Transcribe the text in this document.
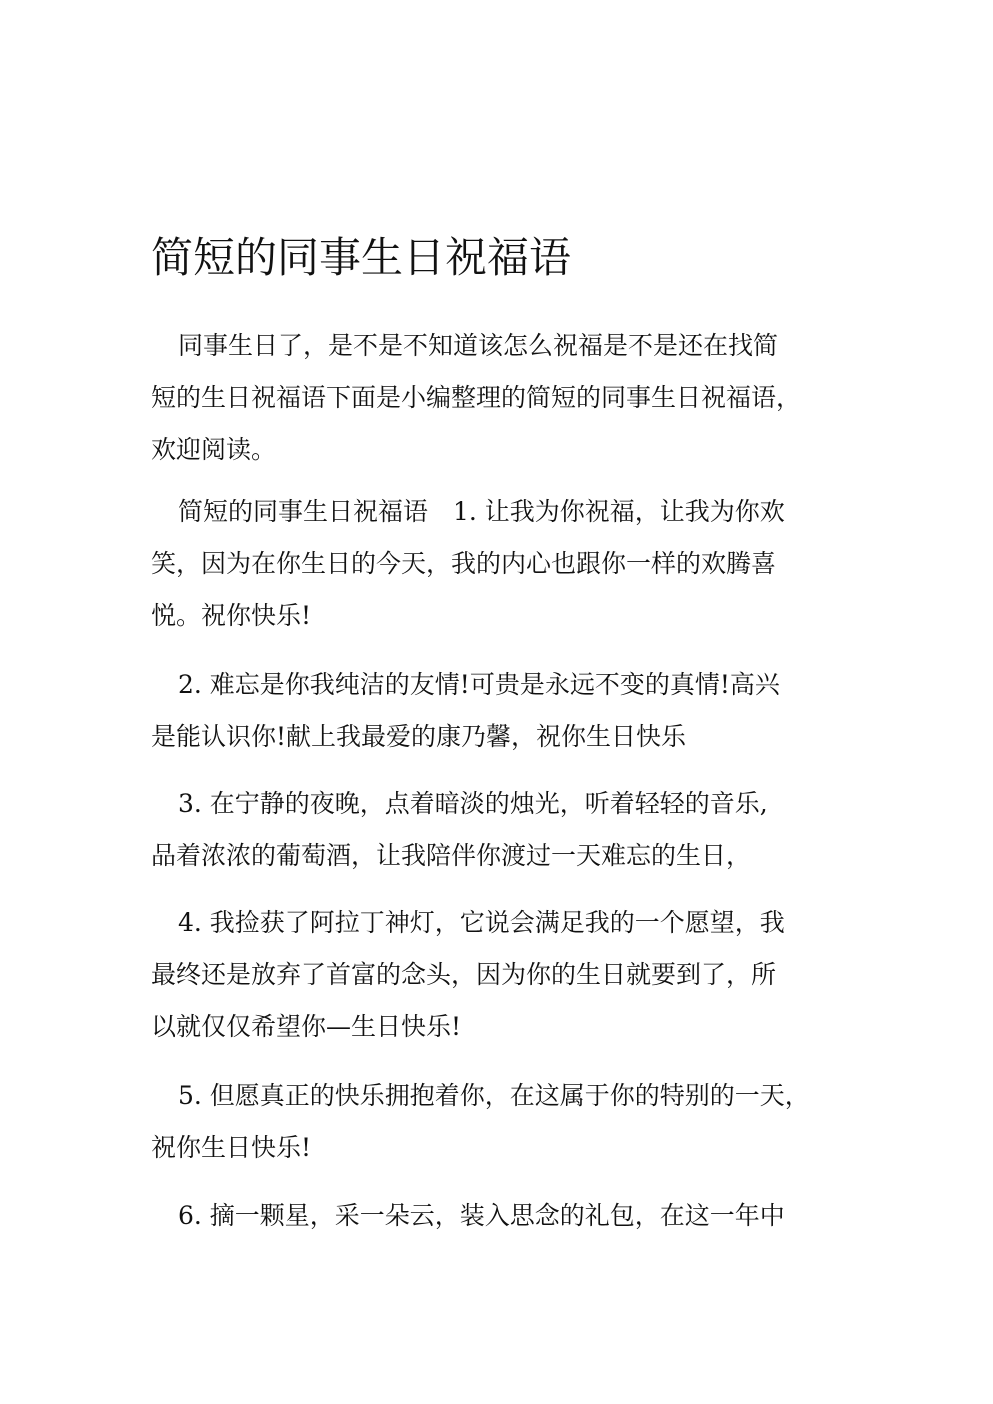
简短的同事生日祝福语

同事生日了，是不是不知道该怎么祝福是不是还在找简
短的生日祝福语下面是小编整理的简短的同事生日祝福语，
欢迎阅读。

简短的同事生日祝福语　1. 让我为你祝福，让我为你欢
笑，因为在你生日的今天，我的内心也跟你一样的欢腾喜
悦。祝你快乐!

2. 难忘是你我纯洁的友情!可贵是永远不变的真情!高兴
是能认识你!献上我最爱的康乃馨，祝你生日快乐

3. 在宁静的夜晚，点着暗淡的烛光，听着轻轻的音乐,
品着浓浓的葡萄酒，让我陪伴你渡过一天难忘的生日，

4. 我捡获了阿拉丁神灯，它说会满足我的一个愿望，我
最终还是放弃了首富的念头，因为你的生日就要到了，所
以就仅仅希望你—生日快乐!

5. 但愿真正的快乐拥抱着你，在这属于你的特别的一天，
祝你生日快乐!

6. 摘一颗星，采一朵云，装入思念的礼包，在这一年中
